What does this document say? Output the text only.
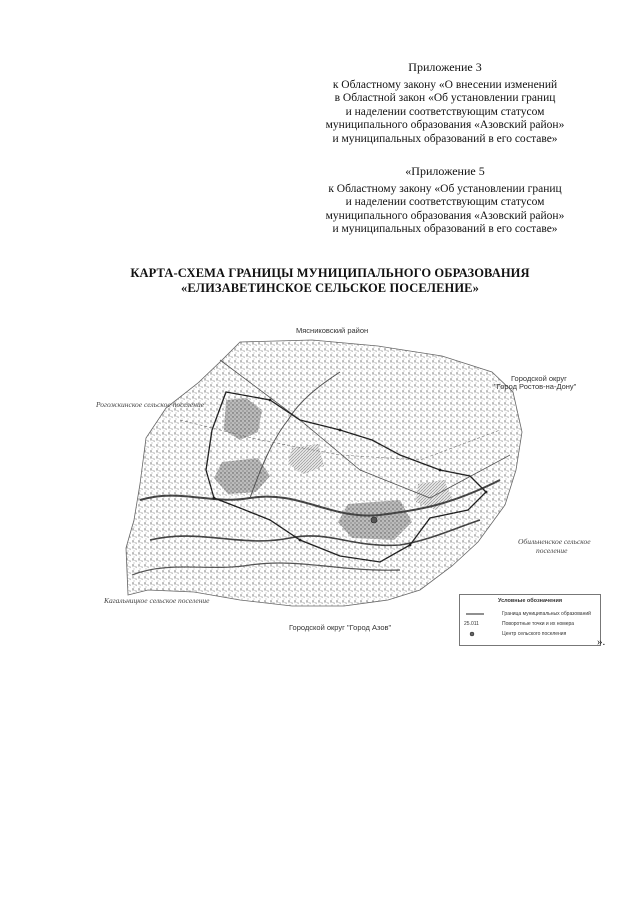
Приложение 3
к Областному закону «О внесении изменений
в Областной закон «Об установлении границ
и наделении соответствующим статусом
муниципального образования «Азовский район»
и муниципальных образований в его составе»
«Приложение 5
к Областному закону «Об установлении границ
и наделении соответствующим статусом
муниципального образования «Азовский район»
и муниципальных образований в его составе»
КАРТА-СХЕМА ГРАНИЦЫ МУНИЦИПАЛЬНОГО ОБРАЗОВАНИЯ
«ЕЛИЗАВЕТИНСКОЕ СЕЛЬСКОЕ ПОСЕЛЕНИЕ»
Мясниковский район
Городской округ
"Город Ростов-на-Дону"
Рогожкинское сельское поселение
Обильненское сельское
поселение
Кагальницкое сельское поселение
Городской округ "Город Азов"
Условные обозначения
Граница муниципальных образований
25.011	Поворотные точки и их номера
Центр сельского поселения
».
